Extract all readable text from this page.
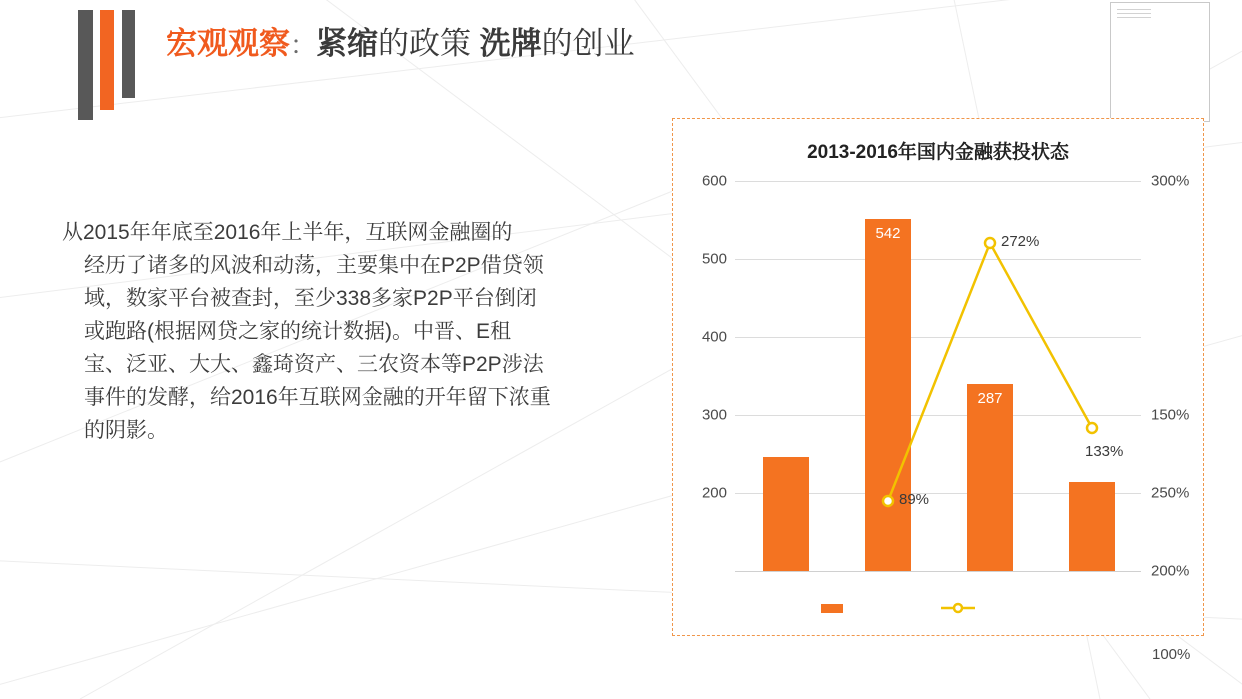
宏观观察：紧缩的政策 洗牌的创业

从2015年年底至2016年上半年，互联网金融圈的

经历了诸多的风波和动荡，主要集中在P2P借贷领

域，数家平台被查封，至少338多家P2P平台倒闭

或跑路(根据网贷之家的统计数据)。中晋、E租

宝、泛亚、大大、鑫琦资产、三农资本等P2P涉法

事件的发酵，给2016年互联网金融的开年留下浓重

的阴影。

2013-2016年国内金融获投状态
600	300%
500
400
300	150%
200	250%
200%
542
287
89%
272%
133%
100%
